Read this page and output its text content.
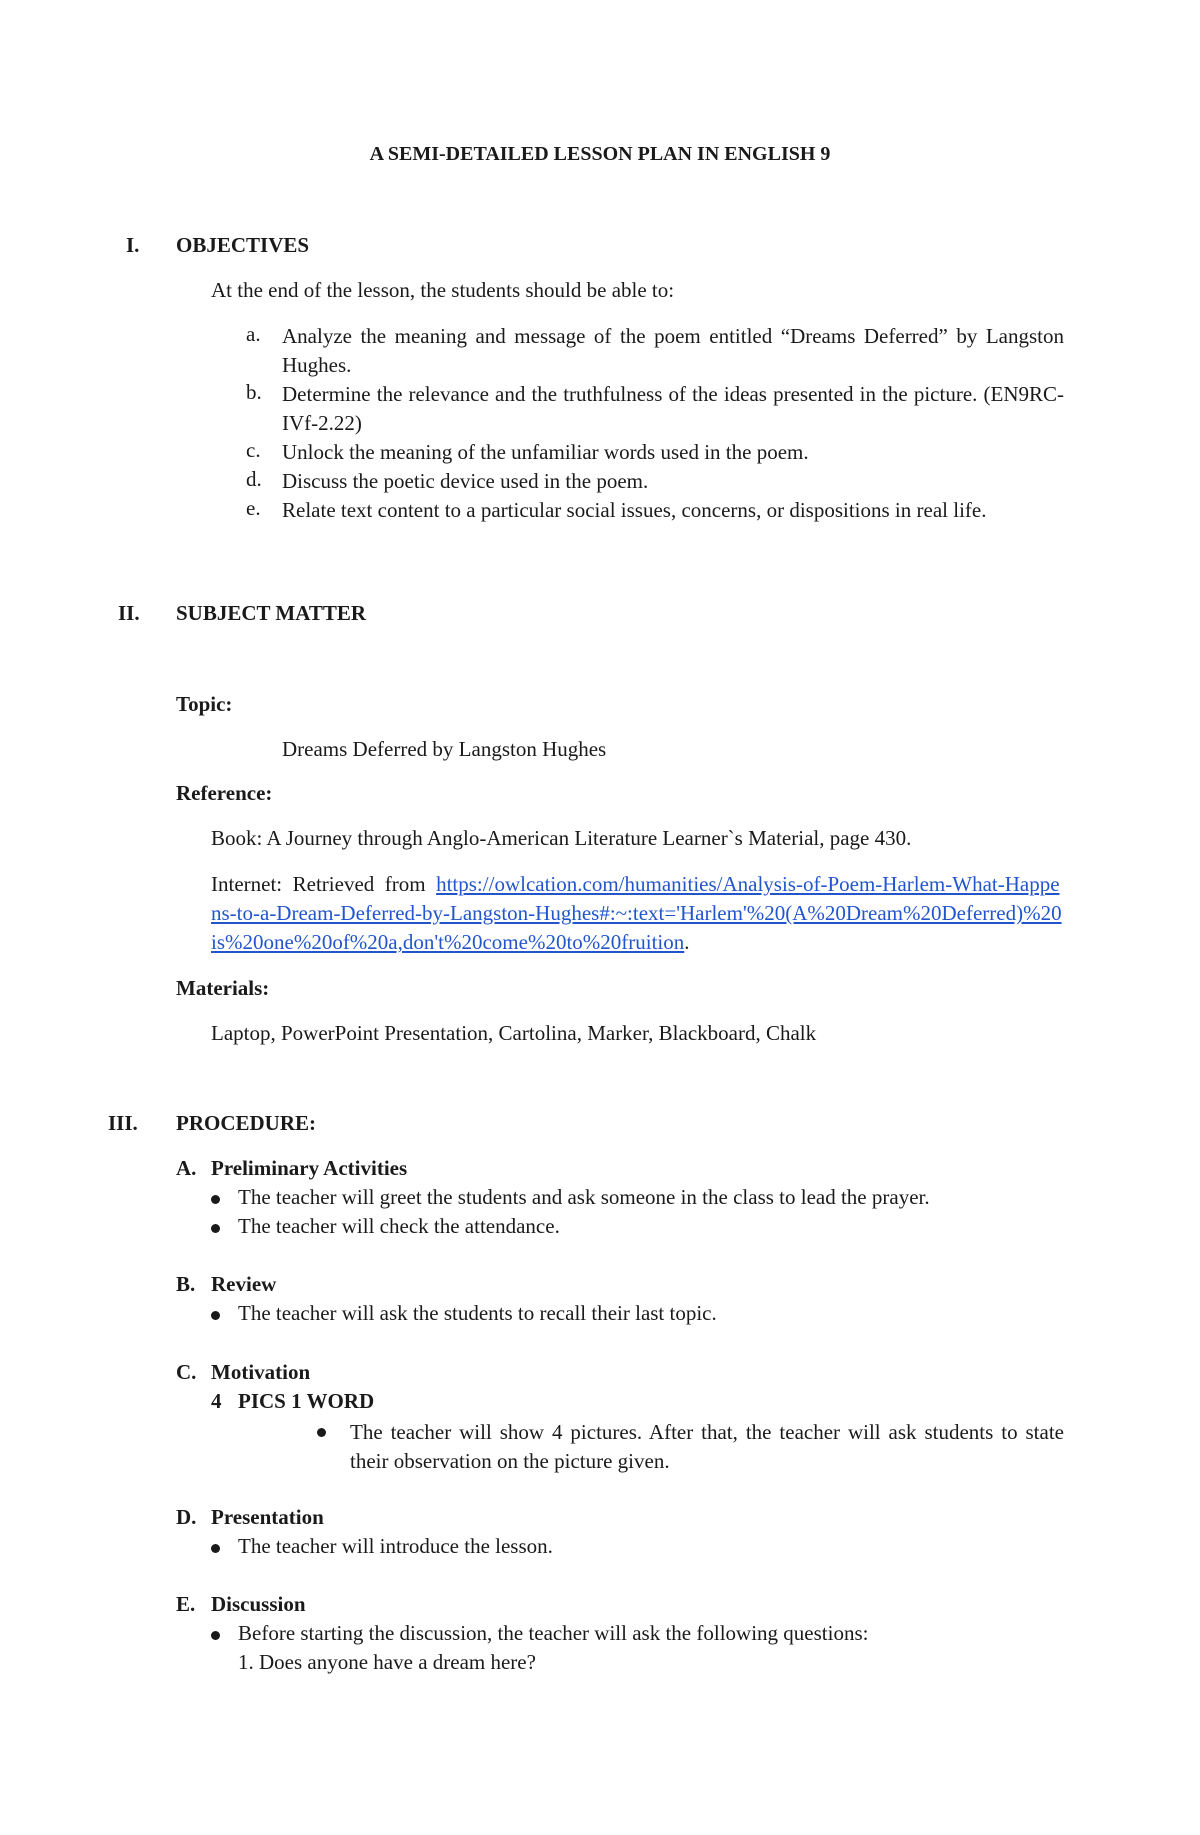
A SEMI-DETAILED LESSON PLAN IN ENGLISH 9
I. OBJECTIVES
At the end of the lesson, the students should be able to:
a. Analyze the meaning and message of the poem entitled “Dreams Deferred” by Langston Hughes.
b. Determine the relevance and the truthfulness of the ideas presented in the picture. (EN9RC-IVf-2.22)
c. Unlock the meaning of the unfamiliar words used in the poem.
d. Discuss the poetic device used in the poem.
e. Relate text content to a particular social issues, concerns, or dispositions in real life.
II. SUBJECT MATTER
Topic:
Dreams Deferred by Langston Hughes
Reference:
Book: A Journey through Anglo-American Literature Learner`s Material, page 430.
Internet:  Retrieved  from  https://owlcation.com/humanities/Analysis-of-Poem-Harlem-What-Happens-to-a-Dream-Deferred-by-Langston-Hughes#:~:text='Harlem'%20(A%20Dream%20Deferred)%20is%20one%20of%20a,don't%20come%20to%20fruition.
Materials:
Laptop, PowerPoint Presentation, Cartolina, Marker, Blackboard, Chalk
III. PROCEDURE:
A. Preliminary Activities
The teacher will greet the students and ask someone in the class to lead the prayer.
The teacher will check the attendance.
B. Review
The teacher will ask the students to recall their last topic.
C. Motivation
4 PICS 1 WORD
The teacher will show 4 pictures. After that, the teacher will ask students to state their observation on the picture given.
D. Presentation
The teacher will introduce the lesson.
E. Discussion
Before starting the discussion, the teacher will ask the following questions:
1. Does anyone have a dream here?
